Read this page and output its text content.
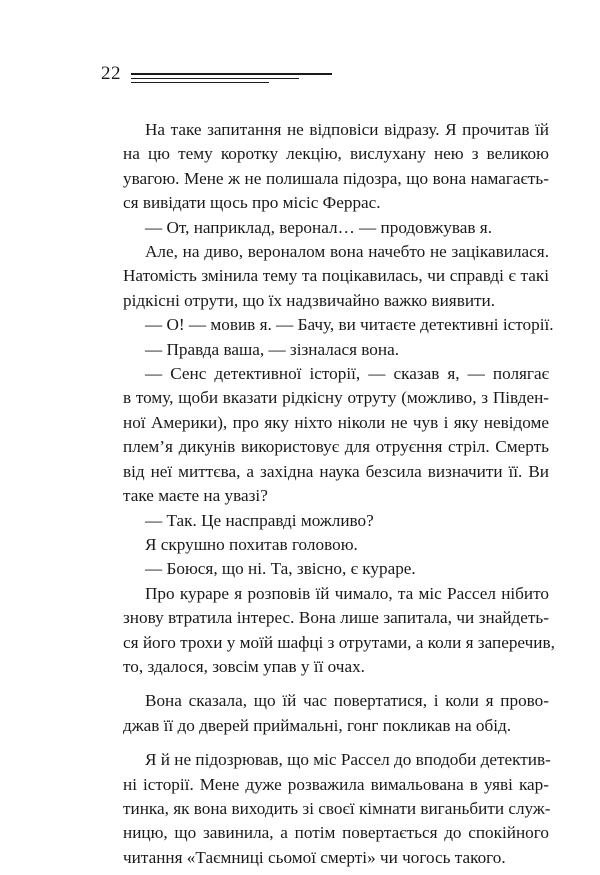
22

На таке запитання не відповіси відразу. Я прочитав їй
на цю тему коротку лекцію, вислухану нею з великою
увагою. Мене ж не полишала підозра, що вона намагаєть-
ся вивідати щось про місіс Феррас.

— От, наприклад, веронал… — продовжував я.

Але, на диво, вероналом вона начебто не зацікавилася.
Натомість змінила тему та поцікавилась, чи справді є такі
рідкісні отрути, що їх надзвичайно важко виявити.

— О! — мовив я. — Бачу, ви читаєте детективні історії.

— Правда ваша, — зізналася вона.

— Сенс детективної історії, — сказав я, — полягає
в тому, щоби вказати рідкісну отруту (можливо, з Півден-
ної Америки), про яку ніхто ніколи не чув і яку невідоме
плем’я дикунів використовує для отруєння стріл. Смерть
від неї миттєва, а західна наука безсила визначити її. Ви
таке маєте на увазі?

— Так. Це насправді можливо?

Я скрушно похитав головою.

— Боюся, що ні. Та, звісно, є кураре.

Про кураре я розповів їй чимало, та міс Рассел нібито
знову втратила інтерес. Вона лише запитала, чи знайдеть-
ся його трохи у моїй шафці з отрутами, а коли я заперечив,
то, здалося, зовсім упав у її очах.

Вона сказала, що їй час повертатися, і коли я прово-
джав її до дверей приймальні, гонг покликав на обід.

Я й не підозрював, що міс Рассел до вподоби детектив-
ні історії. Мене дуже розважила вимальована в уяві кар-
тинка, як вона виходить зі своєї кімнати виганьбити служ-
ницю, що завинила, а потім повертається до спокійного
читання «Таємниці сьомої смерті» чи чогось такого.
